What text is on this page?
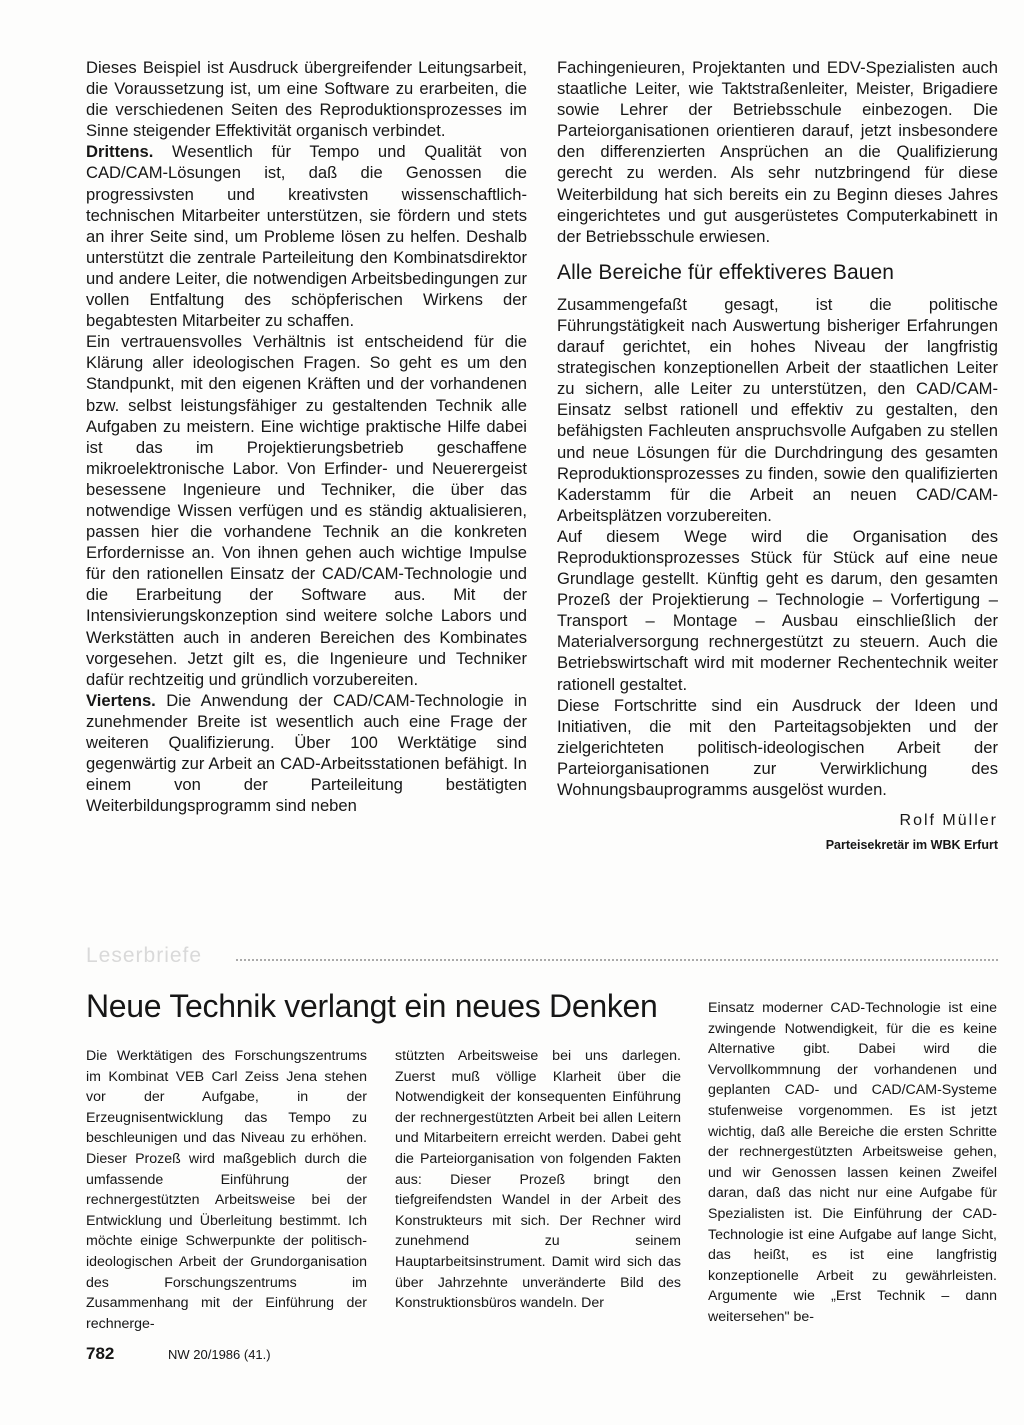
Dieses Beispiel ist Ausdruck übergreifender Leitungsarbeit, die Voraussetzung ist, um eine Software zu erarbeiten, die die verschiedenen Seiten des Reproduktionsprozesses im Sinne steigender Effektivität organisch verbindet.

Drittens. Wesentlich für Tempo und Qualität von CAD/CAM-Lösungen ist, daß die Genossen die progressivsten und kreativsten wissenschaftlich-technischen Mitarbeiter unterstützen, sie fördern und stets an ihrer Seite sind, um Probleme lösen zu helfen. Deshalb unterstützt die zentrale Parteileitung den Kombinatsdirektor und andere Leiter, die notwendigen Arbeitsbedingungen zur vollen Entfaltung des schöpferischen Wirkens der begabtesten Mitarbeiter zu schaffen.

Ein vertrauensvolles Verhältnis ist entscheidend für die Klärung aller ideologischen Fragen. So geht es um den Standpunkt, mit den eigenen Kräften und der vorhandenen bzw. selbst leistungsfähiger zu gestaltenden Technik alle Aufgaben zu meistern. Eine wichtige praktische Hilfe dabei ist das im Projektierungsbetrieb geschaffene mikroelektronische Labor. Von Erfinder- und Neuerergeist besessene Ingenieure und Techniker, die über das notwendige Wissen verfügen und es ständig aktualisieren, passen hier die vorhandene Technik an die konkreten Erfordernisse an. Von ihnen gehen auch wichtige Impulse für den rationellen Einsatz der CAD/CAM-Technologie und die Erarbeitung der Software aus. Mit der Intensivierungskonzeption sind weitere solche Labors und Werkstätten auch in anderen Bereichen des Kombinates vorgesehen. Jetzt gilt es, die Ingenieure und Techniker dafür rechtzeitig und gründlich vorzubereiten.

Viertens. Die Anwendung der CAD/CAM-Technologie in zunehmender Breite ist wesentlich auch eine Frage der weiteren Qualifizierung. Über 100 Werktätige sind gegenwärtig zur Arbeit an CAD-Arbeitsstationen befähigt. In einem von der Parteileitung bestätigten Weiterbildungsprogramm sind neben

Fachingenieuren, Projektanten und EDV-Spezialisten auch staatliche Leiter, wie Taktstraßenleiter, Meister, Brigadiere sowie Lehrer der Betriebsschule einbezogen. Die Parteiorganisationen orientieren darauf, jetzt insbesondere den differenzierten Ansprüchen an die Qualifizierung gerecht zu werden. Als sehr nutzbringend für diese Weiterbildung hat sich bereits ein zu Beginn dieses Jahres eingerichtetes und gut ausgerüstetes Computerkabinett in der Betriebsschule erwiesen.

Alle Bereiche für effektiveres Bauen

Zusammengefaßt gesagt, ist die politische Führungstätigkeit nach Auswertung bisheriger Erfahrungen darauf gerichtet, ein hohes Niveau der langfristig strategischen konzeptionellen Arbeit der staatlichen Leiter zu sichern, alle Leiter zu unterstützen, den CAD/CAM-Einsatz selbst rationell und effektiv zu gestalten, den befähigsten Fachleuten anspruchsvolle Aufgaben zu stellen und neue Lösungen für die Durchdringung des gesamten Reproduktionsprozesses zu finden, sowie den qualifizierten Kaderstamm für die Arbeit an neuen CAD/CAM-Arbeitsplätzen vorzubereiten.

Auf diesem Wege wird die Organisation des Reproduktionsprozesses Stück für Stück auf eine neue Grundlage gestellt. Künftig geht es darum, den gesamten Prozeß der Projektierung – Technologie – Vorfertigung – Transport – Montage – Ausbau einschließlich der Materialversorgung rechnergestützt zu steuern. Auch die Betriebswirtschaft wird mit moderner Rechentechnik weiter rationell gestaltet.

Diese Fortschritte sind ein Ausdruck der Ideen und Initiativen, die mit den Parteitagsobjekten und der zielgerichteten politisch-ideologischen Arbeit der Parteiorganisationen zur Verwirklichung des Wohnungsbauprogramms ausgelöst wurden.

Rolf Müller
Parteisekretär im WBK Erfurt
Leserbriefe
Neue Technik verlangt ein neues Denken

Die Werktätigen des Forschungszentrums im Kombinat VEB Carl Zeiss Jena stehen vor der Aufgabe, in der Erzeugnisentwicklung das Tempo zu beschleunigen und das Niveau zu erhöhen. Dieser Prozeß wird maßgeblich durch die umfassende Einführung der rechnergestützten Arbeitsweise bei der Entwicklung und Überleitung bestimmt. Ich möchte einige Schwerpunkte der politisch-ideologischen Arbeit der Grundorganisation des Forschungszentrums im Zusammenhang mit der Einführung der rechnerge-

stützten Arbeitsweise bei uns darlegen. Zuerst muß völlige Klarheit über die Notwendigkeit der konsequenten Einführung der rechnergestützten Arbeit bei allen Leitern und Mitarbeitern erreicht werden. Dabei geht die Parteiorganisation von folgenden Fakten aus: Dieser Prozeß bringt den tiefgreifendsten Wandel in der Arbeit des Konstrukteurs mit sich. Der Rechner wird zunehmend zu seinem Hauptarbeitsinstrument. Damit wird sich das über Jahrzehnte unveränderte Bild des Konstruktionsbüros wandeln. Der

Einsatz moderner CAD-Technologie ist eine zwingende Notwendigkeit, für die es keine Alternative gibt. Dabei wird die Vervollkommnung der vorhandenen und geplanten CAD- und CAD/CAM-Systeme stufenweise vorgenommen. Es ist jetzt wichtig, daß alle Bereiche die ersten Schritte der rechnergestützten Arbeitsweise gehen, und wir Genossen lassen keinen Zweifel daran, daß das nicht nur eine Aufgabe für Spezialisten ist. Die Einführung der CAD-Technologie ist eine Aufgabe auf lange Sicht, das heißt, es ist eine langfristig konzeptionelle Arbeit zu gewährleisten. Argumente wie „Erst Technik – dann weitersehen" be-

782	NW 20/1986 (41.)
